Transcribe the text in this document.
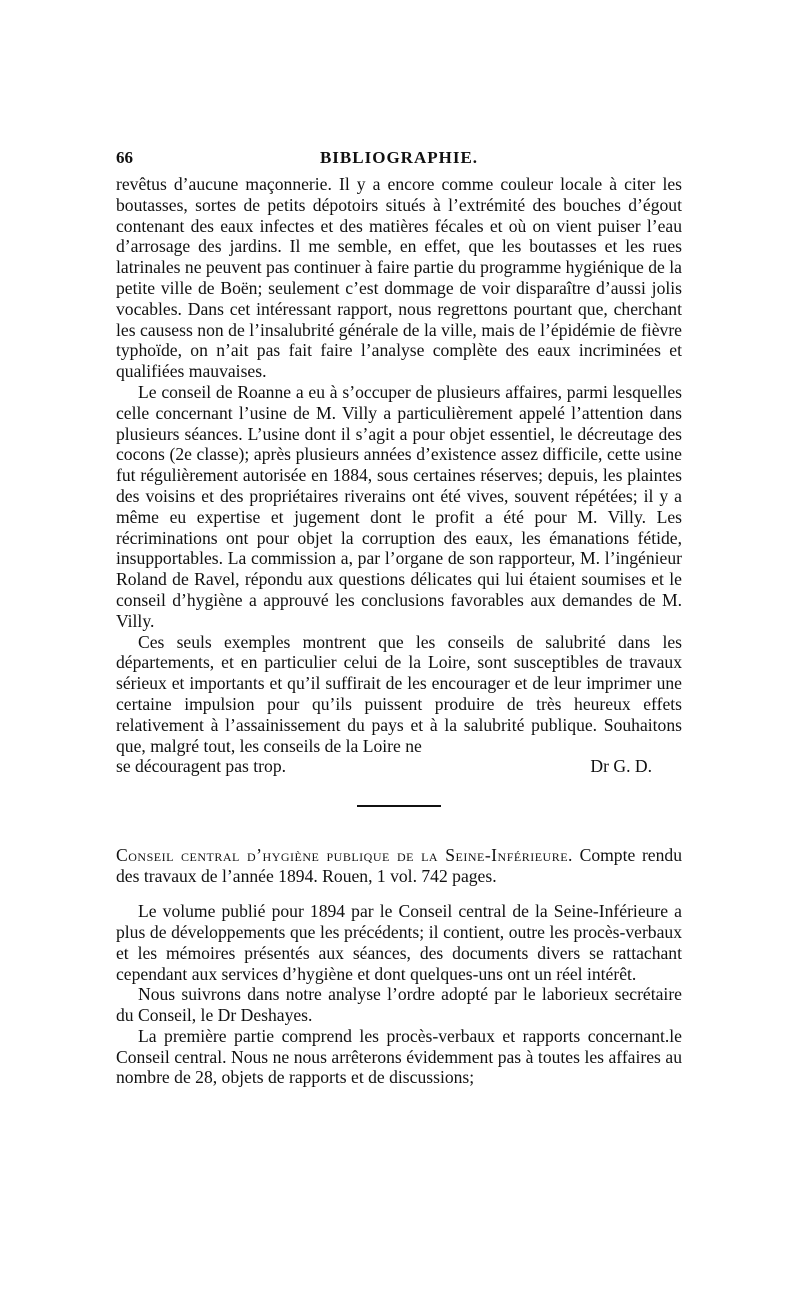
66	BIBLIOGRAPHIE.

revêtus d’aucune maçonnerie. Il y a encore comme couleur locale à citer les boutasses, sortes de petits dépotoirs situés à l’extrémité des bouches d’égout contenant des eaux infectes et des matières fécales et où on vient puiser l’eau d’arrosage des jardins. Il me semble, en effet, que les boutasses et les rues latrinales ne peuvent pas continuer à faire partie du programme hygiénique de la petite ville de Boën; seulement c’est dommage de voir disparaître d’aussi jolis vocables. Dans cet intéressant rapport, nous regrettons pourtant que, cherchant les causess non de l’insalubrité générale de la ville, mais de l’épidémie de fièvre typhoïde, on n’ait pas fait faire l’analyse complète des eaux incriminées et qualifiées mauvaises.

Le conseil de Roanne a eu à s’occuper de plusieurs affaires, parmi lesquelles celle concernant l’usine de M. Villy a particulièrement appelé l’attention dans plusieurs séances. L’usine dont il s’agit a pour objet essentiel, le décreutage des cocons (2e classe); après plusieurs années d’existence assez difficile, cette usine fut régulièrement autorisée en 1884, sous certaines réserves; depuis, les plaintes des voisins et des propriétaires riverains ont été vives, souvent répétées; il y a même eu expertise et jugement dont le profit a été pour M. Villy. Les récriminations ont pour objet la corruption des eaux, les émanations fétide, insupportables. La commission a, par l’organe de son rapporteur, M. l’ingénieur Roland de Ravel, répondu aux questions délicates qui lui étaient soumises et le conseil d’hygiène a approuvé les conclusions favorables aux demandes de M. Villy.

Ces seuls exemples montrent que les conseils de salubrité dans les départements, et en particulier celui de la Loire, sont susceptibles de travaux sérieux et importants et qu’il suffirait de les encourager et de leur imprimer une certaine impulsion pour qu’ils puissent produire de très heureux effets relativement à l’assainissement du pays et à la salubrité publique. Souhaitons que, malgré tout, les conseils de la Loire ne

se découragent pas trop.	Dr G. D.
Conseil central d’hygiène publique de la Seine-Inférieure. Compte rendu des travaux de l’année 1894. Rouen, 1 vol. 742 pages.

Le volume publié pour 1894 par le Conseil central de la Seine-Inférieure a plus de développements que les précédents; il contient, outre les procès-verbaux et les mémoires présentés aux séances, des documents divers se rattachant cependant aux services d’hygiène et dont quelques-uns ont un réel intérêt.

Nous suivrons dans notre analyse l’ordre adopté par le laborieux secrétaire du Conseil, le Dr Deshayes.

La première partie comprend les procès-verbaux et rapports concernant.le Conseil central. Nous ne nous arrêterons évidemment pas à toutes les affaires au nombre de 28, objets de rapports et de discussions;
